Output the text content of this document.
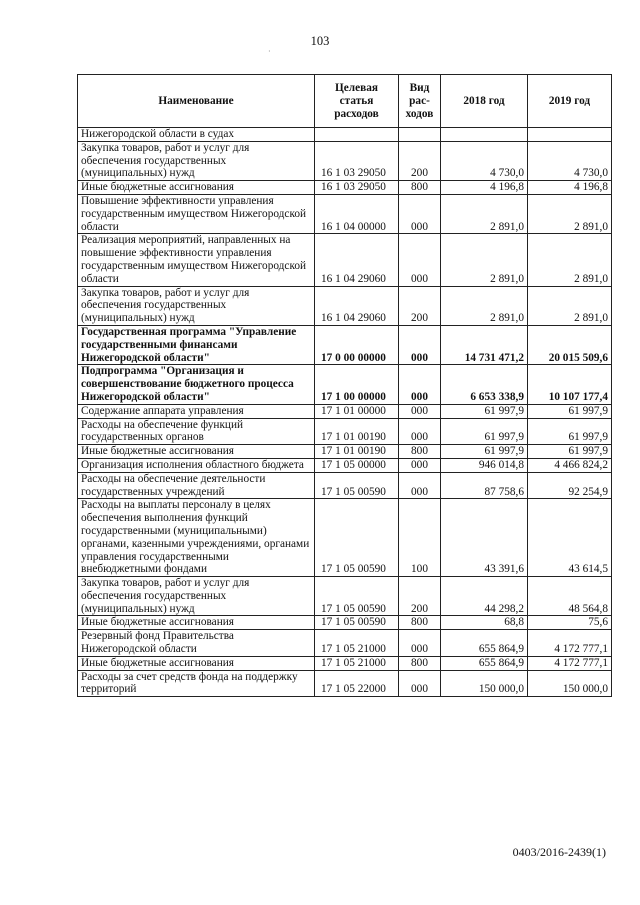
103
·
Наименование	Целевая статья расходов	Вид рас-ходов	2018 год	2019 год
Нижегородской области в судах				
Закупка товаров, работ и услуг для обеспечения государственных (муниципальных) нужд	16 1 03 29050	200	4 730,0	4 730,0
Иные бюджетные ассигнования	16 1 03 29050	800	4 196,8	4 196,8
Повышение эффективности управления государственным имуществом Нижегородской области	16 1 04 00000	000	2 891,0	2 891,0
Реализация мероприятий, направленных на повышение эффективности управления государственным имуществом Нижегородской области	16 1 04 29060	000	2 891,0	2 891,0
Закупка товаров, работ и услуг для обеспечения государственных (муниципальных) нужд	16 1 04 29060	200	2 891,0	2 891,0
Государственная программа "Управление государственными финансами Нижегородской области"	17 0 00 00000	000	14 731 471,2	20 015 509,6
Подпрограмма "Организация и совершенствование бюджетного процесса Нижегородской области"	17 1 00 00000	000	6 653 338,9	10 107 177,4
Содержание аппарата управления	17 1 01 00000	000	61 997,9	61 997,9
Расходы на обеспечение функций государственных органов	17 1 01 00190	000	61 997,9	61 997,9
Иные бюджетные ассигнования	17 1 01 00190	800	61 997,9	61 997,9
Организация исполнения областного бюджета	17 1 05 00000	000	946 014,8	4 466 824,2
Расходы на обеспечение деятельности государственных учреждений	17 1 05 00590	000	87 758,6	92 254,9
Расходы на выплаты персоналу в целях обеспечения выполнения функций государственными (муниципальными) органами, казенными учреждениями, органами управления государственными внебюджетными фондами	17 1 05 00590	100	43 391,6	43 614,5
Закупка товаров, работ и услуг для обеспечения государственных (муниципальных) нужд	17 1 05 00590	200	44 298,2	48 564,8
Иные бюджетные ассигнования	17 1 05 00590	800	68,8	75,6
Резервный фонд Правительства Нижегородской области	17 1 05 21000	000	655 864,9	4 172 777,1
Иные бюджетные ассигнования	17 1 05 21000	800	655 864,9	4 172 777,1
Расходы за счет средств фонда на поддержку территорий	17 1 05 22000	000	150 000,0	150 000,0
0403/2016-2439(1)
